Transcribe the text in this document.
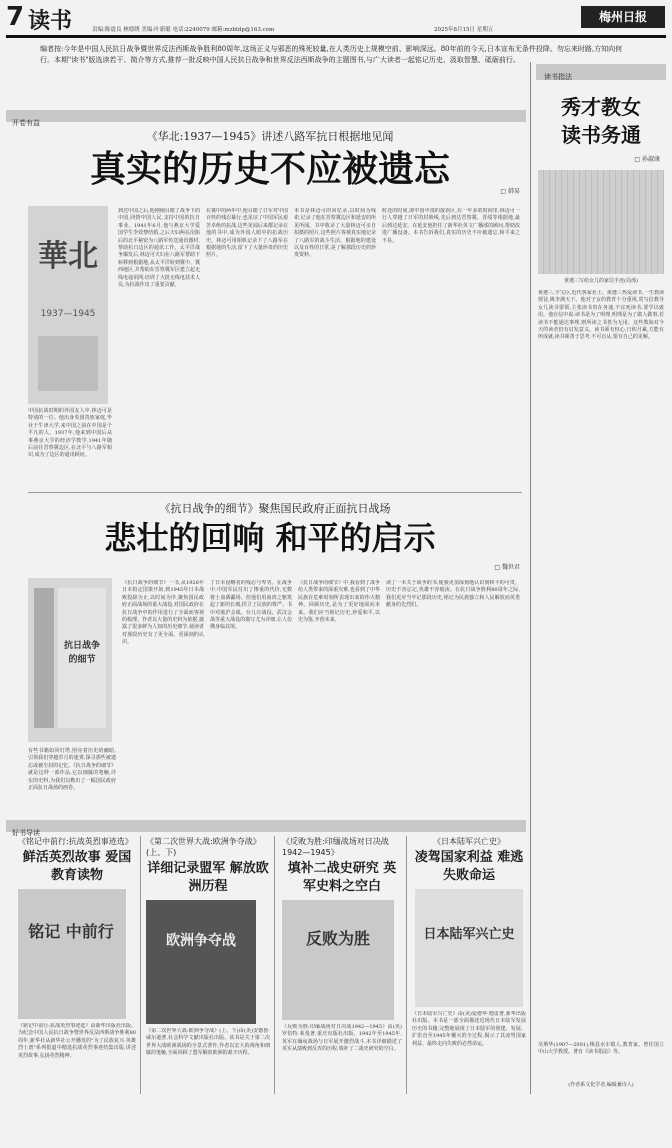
7 读书	责编:陈震良 林德绣 美编:叶新聪 电话:2240079 邮箱:mzbldp@163.com	2025年8月15日 星期五
梅州日报
编者按:今年是中国人民抗日战争暨世界反法西斯战争胜利80周年,这场正义与邪恶的殊死较量,在人类历史上规模空前、影响深远。80年前的今天,日本宣布无条件投降。勿忘来时路,方知向何行。本期"读书"版选读若干、简介等方式,推荐一批反映中国人民抗日战争和世界反法西斯战争的主题图书,与广大读者一起铭记历史、汲取智慧、砥砺前行。
开卷有益
《华北:1937—1945》讲述八路军抗日根据地见闻
真实的历史不应被遗忘
□ 韩易
華北
1937—1945
中国抗战时期的外国友人中,林迈可是特别的一位。他出身英国贵族家庭,毕业于牛津大学,来中国之前在中国是个平凡的人。1937年,他来到中国后从事燕京大学的经济学教学,1941年随后前往晋察冀边区,在北平与八路军相识,成为了边区的通讯顾问。
到达中国之后,他刚刚目睹了战争下的中国,同情中国人民,支持中国的抗日事业。1941年6月,他与燕京大学爱国学生李效黎结婚,之后夫妇两在沦陷后的北平秘密为八路军传送通讯器材,帮助抗日边区的通讯工作。太平洋战争爆发后,林迈可夫妇在八路军帮助下转移到根据地,从太平洋转到冀中、冀西地区,并帮助在晋察冀军区建立起无线电通讯网,培训了大批无线电技术人员,为抗战作出了重要贡献。
在冀中的两年中,他目睹了日军对中国百姓的残忍暴行,也见证了中国军民艰苦卓绝的抗战,这些见闻后来都记录在他的书中,成为外国人眼中的抗战历史。林迈可用相机记录下了八路军在根据地的生活,留下了大量珍贵的历史照片。
本书是林迈可的回忆录,以时间为线索,记录了他在晋察冀边区和延安的所见所闻。书中收录了大量林迈可亲自拍摄的照片,这些照片客观真实地记录了八路军的战斗生活、根据地的建设以及百姓的日常,是了解那段历史的珍贵资料。
时还的时间,即中国中部的敌伪区,在一年多的时间里,林迈可一行人穿越了日军的封锁线,先后到达晋察冀、晋绥等根据地,最后到达延安。在延安他担任了新华社英文广播部的顾问,帮助改进广播设备。本书告诉我们,真实的历史不应被遗忘,和平来之不易。
《抗日战争的细节》聚焦国民政府正面抗日战场
悲壮的回响 和平的启示
□ 魏世君
抗日战争
的细节
有些书籍如同灯塔,照亮着历史的幽暗,引领我们穿越岁月的迷雾,探寻那些被遗忘或被尘封的记忆。《抗日战争的细节》就是这样一部作品,它以细腻的笔触,详实的史料,为我们勾勒出了一幅国民政府正面抗日战场的画卷。
《抗日战争的细节》一书,从1926年日本拟定国策开始,到1945年日本战败投降为止,以时间为序,聚焦国民政府正面战场的重大战役,对国民政府在抗日战争中的作用进行了全面而客观的梳理。作者以大量的史料为依据,披露了很多鲜为人知的历史细节,使读者对那段历史有了更全面、更深刻的认识。
了日本侵略者的残忍与卑劣。在战争中,中国军民付出了惨重的代价,无数将士血洒疆场。但他们用血肉之躯筑起了新的长城,捍卫了民族的尊严。书中对淞沪会战、台儿庄战役、武汉会战等重大战役的描写尤为详细,让人仿佛身临其境。
《抗日战争的细节》中,我看到了战争给人类带来的深重灾难,也看到了中华民族在危难时刻所表现出来的伟大精神。回顾历史,是为了更好地面向未来。我们应当铭记历史,珍爱和平,以史为鉴,开创未来。
读了一本关于战争的书,使我更加深刻地认识到和平的可贵。历史不容忘记,英雄不容亵渎。在抗日战争胜利80周年之际,我们更应当牢记那段历史,铭记为民族独立和人民解放而英勇献身的先烈们。
好书导读
《铭记中前行:抗战英烈事迹选》
鲜活英烈故事 爱国教育读物
铭记 中前行
《铭记中前行:抗战英烈事迹选》由新华出版社出版。为纪念中国人民抗日战争暨世界反法西斯战争胜利80周年,新华社从新华社公开播发的"为了民族复兴·英雄烈士谱"系列报道中精选抗战英烈事迹结集出版,讲述英烈故事,弘扬英烈精神。
《第二次世界大战:欧洲争夺战》(上、下)
详细记录盟军 解放欧洲历程
欧洲争夺战
《第二次世界大战:欧洲争夺战》(上、下)由(美)安德鲁·威尔逊著,社会科学文献出版社出版。该书是关于第二次世界大战欧洲战场的全景式著作,作者以宏大的视角和细腻的笔触,全面回顾了盟军解放欧洲的艰辛历程。
《反败为胜:印缅战场对日决战1942—1945》
填补二战史研究 英军史料之空白
反败为胜
《反败为胜:印缅战场对日决战1942—1945》由(英)罗伯特·莱曼著,重庆出版社出版。1942年至1945年,英军在缅甸战场与日军展开激烈战斗,本书详细描述了英军从溃败到反攻的历程,填补了二战史研究的空白。
《日本陆军兴亡史》
凌驾国家利益 难逃失败命运
日本陆军兴亡史
《日本陆军兴亡史》由(美)爱德华·德雷著,新华出版社出版。本书是一部全面描述近现代日本陆军发展历史的书籍,完整地展现了日本陆军的创建、发展、扩张直至1945年覆灭的全过程,揭示了其凌驾国家利益、最终走向失败的必然命运。
读书指法
秀才教女
读书务通
□ 孙淑康
黄遵三写给女儿的家信手迹(局部)
黄遵三,字宝臣,近代客家名士。黄遵三热爱读书,一生教读授徒,桃李满天下。他对子女的教育十分重视,常写信教导女儿读书要领,主张读书贵在务通,不宜死读书,要学以致用。他在信中说:读书是为了明理,明理是为了做人做事,若读书不能通达事理,则所读之书皆为无用。这些教诲对今天的读者仍有启发意义。读书须有恒心,日积月累,方能有所成就;读书须善于思考,不可盲从,要有自己的见解。
吴斯华(1907—2001),梅县水车镇人,教育家。曾任国立中山大学教授。著有《读书指法》等。
(作者系文化学者,编辑兼诗人)
